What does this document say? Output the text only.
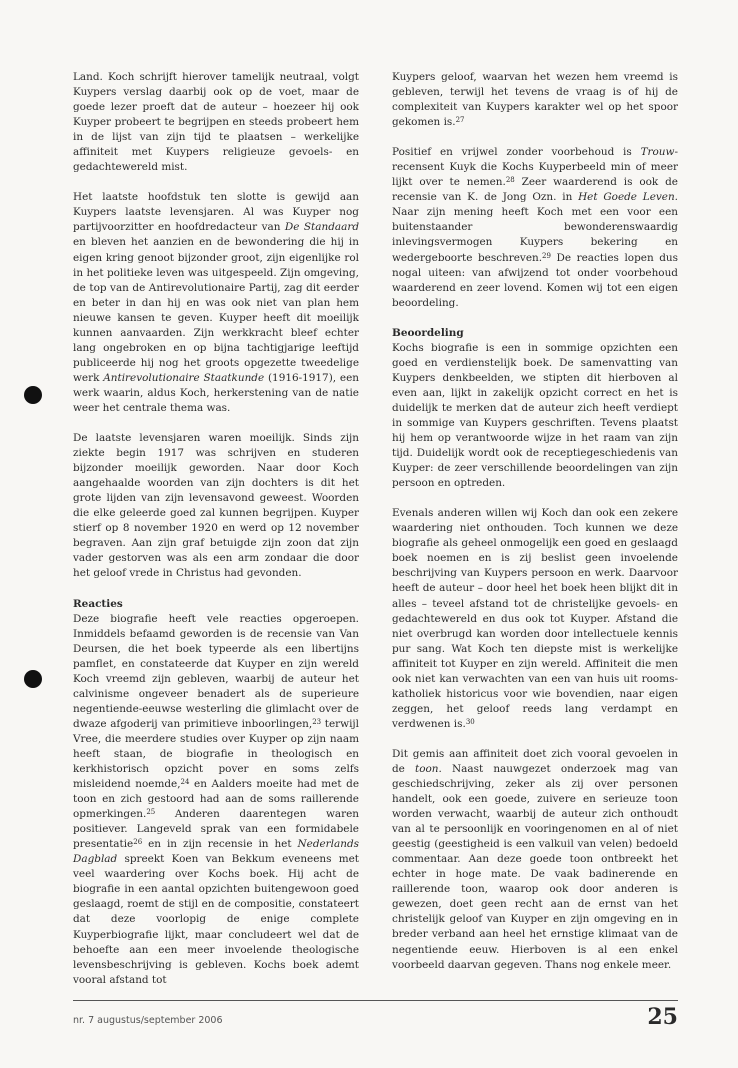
Land. Koch schrijft hierover tamelijk neutraal, volgt Kuypers verslag daarbij ook op de voet, maar de goede lezer proeft dat de auteur – hoezeer hij ook Kuyper probeert te begrijpen en steeds probeert hem in de lijst van zijn tijd te plaatsen – werkelijke affiniteit met Kuypers religieuze gevoels- en gedachtewereld mist.

Het laatste hoofdstuk ten slotte is gewijd aan Kuypers laatste levensjaren. Al was Kuyper nog partijvoorzitter en hoofdredacteur van De Standaard en bleven het aanzien en de bewondering die hij in eigen kring genoot bijzonder groot, zijn eigenlijke rol in het politieke leven was uitgespeeld. Zijn omgeving, de top van de Antirevolutionaire Partij, zag dit eerder en beter in dan hij en was ook niet van plan hem nieuwe kansen te geven. Kuyper heeft dit moeilijk kunnen aanvaarden. Zijn werkkracht bleef echter lang ongebroken en op bijna tachtigjarige leeftijd publiceerde hij nog het groots opgezette tweedelige werk Antirevolutionaire Staatkunde (1916-1917), een werk waarin, aldus Koch, herkerstening van de natie weer het centrale thema was.

De laatste levensjaren waren moeilijk. Sinds zijn ziekte begin 1917 was schrijven en studeren bijzonder moeilijk geworden. Naar door Koch aangehaalde woorden van zijn dochters is dit het grote lijden van zijn levensavond geweest. Woorden die elke geleerde goed zal kunnen begrijpen. Kuyper stierf op 8 november 1920 en werd op 12 november begraven. Aan zijn graf betuigde zijn zoon dat zijn vader gestorven was als een arm zondaar die door het geloof vrede in Christus had gevonden.

Reacties

Deze biografie heeft vele reacties opgeroepen. Inmiddels befaamd geworden is de recensie van Van Deursen, die het boek typeerde als een libertijns pamflet, en constateerde dat Kuyper en zijn wereld Koch vreemd zijn gebleven, waarbij de auteur het calvinisme ongeveer benadert als de superieure negentiende-eeuwse westerling die glimlacht over de dwaze afgoderij van primitieve inboorlingen,$^{23}$ terwijl Vree, die meerdere studies over Kuyper op zijn naam heeft staan, de biografie in theologisch en kerkhistorisch opzicht pover en soms zelfs misleidend noemde,$^{24}$ en Aalders moeite had met de toon en zich gestoord had aan de soms raillerende opmerkingen.$^{25}$ Anderen daarentegen waren positiever. Langeveld sprak van een formidabele presentatie$^{26}$ en in zijn recensie in het Nederlands Dagblad spreekt Koen van Bekkum eveneens met veel waardering over Kochs boek. Hij acht de biografie in een aantal opzichten buitengewoon goed geslaagd, roemt de stijl en de compositie, constateert dat deze voorlopig de enige complete Kuyperbiografie lijkt, maar concludeert wel dat de behoefte aan een meer invoelende theologische levensbeschrijving is gebleven. Kochs boek ademt vooral afstand tot

Kuypers geloof, waarvan het wezen hem vreemd is gebleven, terwijl het tevens de vraag is of hij de complexiteit van Kuypers karakter wel op het spoor gekomen is.$^{27}$

Positief en vrijwel zonder voorbehoud is Trouw-recensent Kuyk die Kochs Kuyperbeeld min of meer lijkt over te nemen.$^{28}$ Zeer waarderend is ook de recensie van K. de Jong Ozn. in Het Goede Leven. Naar zijn mening heeft Koch met een voor een buitenstaander bewonderenswaardig inlevingsvermogen Kuypers bekering en wedergeboorte beschreven.$^{29}$ De reacties lopen dus nogal uiteen: van afwijzend tot onder voorbehoud waarderend en zeer lovend. Komen wij tot een eigen beoordeling.

Beoordeling

Kochs biografie is een in sommige opzichten een goed en verdienstelijk boek. De samenvatting van Kuypers denkbeelden, we stipten dit hierboven al even aan, lijkt in zakelijk opzicht correct en het is duidelijk te merken dat de auteur zich heeft verdiept in sommige van Kuypers geschriften. Tevens plaatst hij hem op verantwoorde wijze in het raam van zijn tijd. Duidelijk wordt ook de receptiegeschiedenis van Kuyper: de zeer verschillende beoordelingen van zijn persoon en optreden.

Evenals anderen willen wij Koch dan ook een zekere waardering niet onthouden. Toch kunnen we deze biografie als geheel onmogelijk een goed en geslaagd boek noemen en is zij beslist geen invoelende beschrijving van Kuypers persoon en werk. Daarvoor heeft de auteur – door heel het boek heen blijkt dit in alles – teveel afstand tot de christelijke gevoels- en gedachtewereld en dus ook tot Kuyper. Afstand die niet overbrugd kan worden door intellectuele kennis pur sang. Wat Koch ten diepste mist is werkelijke affiniteit tot Kuyper en zijn wereld. Affiniteit die men ook niet kan verwachten van een van huis uit rooms-katholiek historicus voor wie bovendien, naar eigen zeggen, het geloof reeds lang verdampt en verdwenen is.$^{30}$

Dit gemis aan affiniteit doet zich vooral gevoelen in de toon. Naast nauwgezet onderzoek mag van geschiedschrijving, zeker als zij over personen handelt, ook een goede, zuivere en serieuze toon worden verwacht, waarbij de auteur zich onthoudt van al te persoonlijk en vooringenomen en al of niet geestig (geestigheid is een valkuil van velen) bedoeld commentaar. Aan deze goede toon ontbreekt het echter in hoge mate. De vaak badinerende en raillerende toon, waarop ook door anderen is gewezen, doet geen recht aan de ernst van het christelijk geloof van Kuyper en zijn omgeving en in breder verband aan heel het ernstige klimaat van de negentiende eeuw. Hierboven is al een enkel voorbeeld daarvan gegeven. Thans nog enkele meer.

nr. 7 augustus/september 2006	25
